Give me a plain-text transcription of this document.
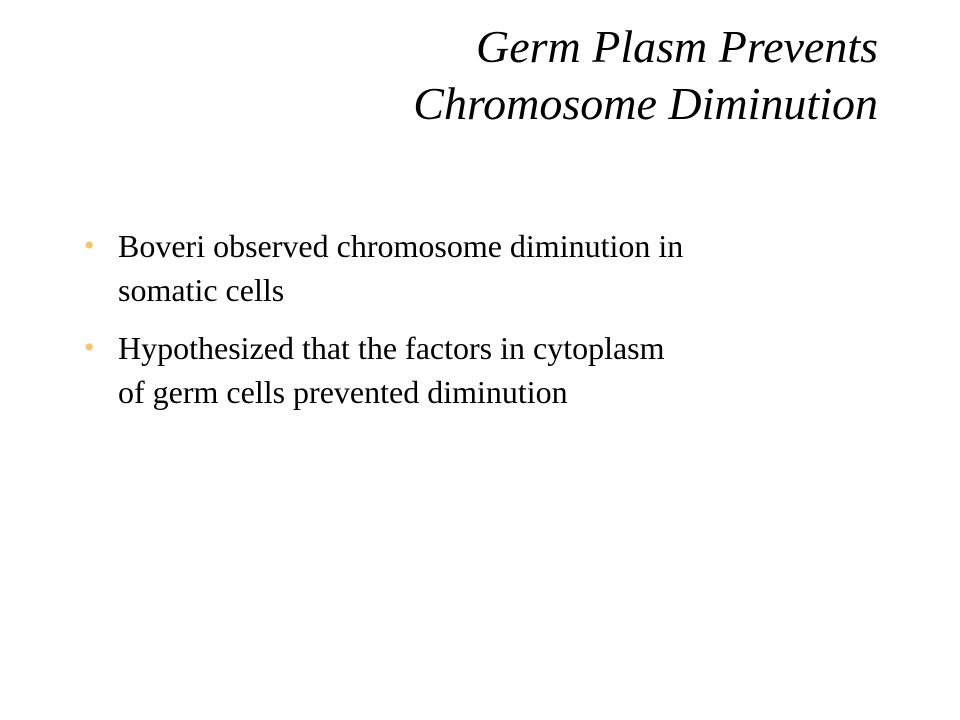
Germ Plasm Prevents
Chromosome Diminution
• Boveri observed chromosome diminution in
somatic cells
• Hypothesized that the factors in cytoplasm
of germ cells prevented diminution
